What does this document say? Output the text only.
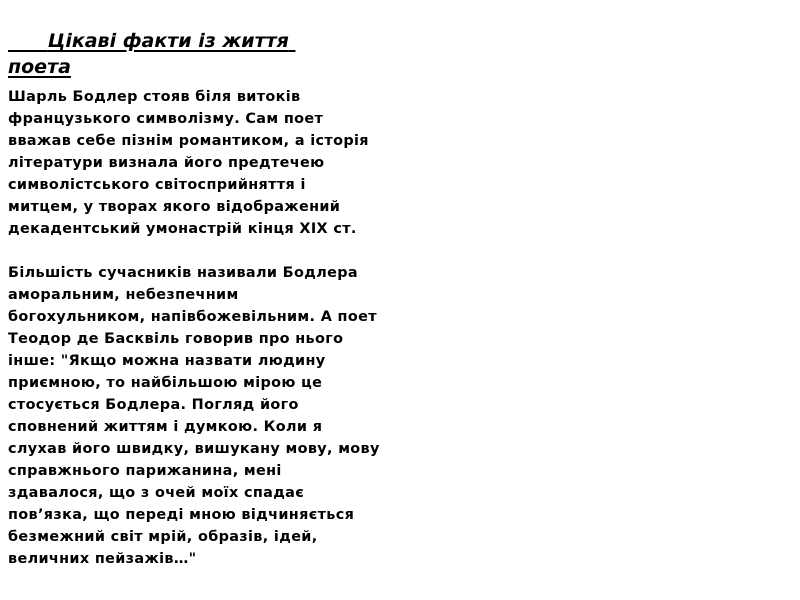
Цікаві факти із життя поета

Шарль Бодлер стояв біля витоків французького символізму. Сам поет вважав себе пізнім романтиком, а історія літератури визнала його предтечею символістського світосприйняття і митцем, у творах якого відображений декадентський умонастрій кінця XIX ст.

Більшість сучасників називали Бодлера аморальним, небезпечним богохульником, напівбожевільним. А поет Теодор де Басквіль говорив про нього інше: "Якщо можна назвати людину приємною, то найбільшою мірою це стосується Бодлера. Погляд його сповнений життям і думкою. Коли я слухав його швидку, вишукану мову, мову справжнього парижанина, мені здавалося, що з очей моїх спадає пов’язка, що переді мною відчиняється безмежний світ мрій, образів, ідей, величних пейзажів…"
